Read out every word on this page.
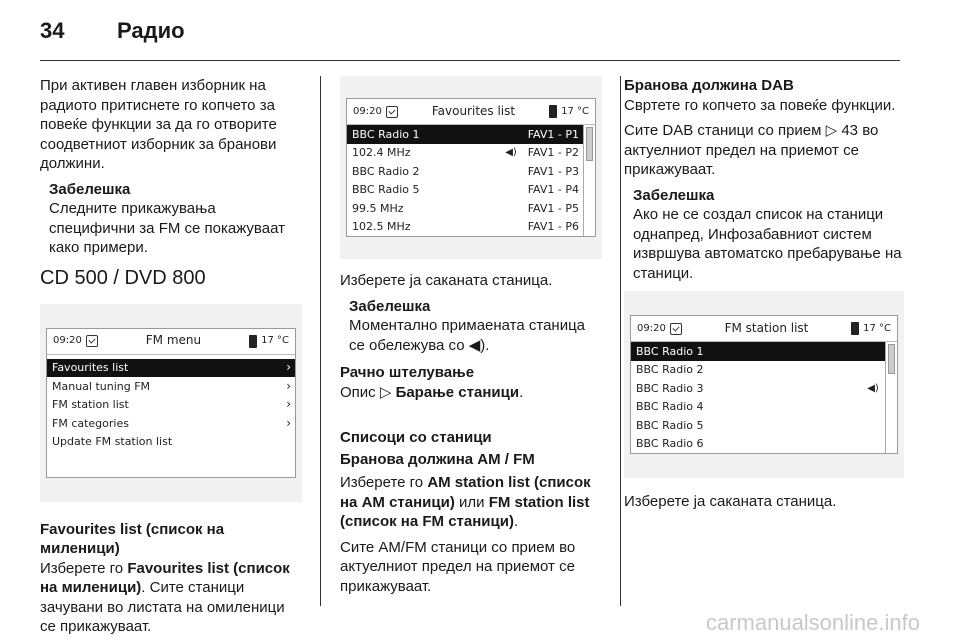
34 Радио

При активен главен изборник на радиото притиснете го копчето за повеќе функции за да го отворите соодветниот изборник за бранови должини.

Забелешка
Следните прикажувања специфични за FM се покажуваат како примери.
CD 500 / DVD 800
09:20	FM menu	17 °C
Favourites list	›
Manual tuning FM	›
FM station list	›
FM categories	›
Update FM station list
Favourites list (список на миленици)

Изберете го Favourites list (список на миленици). Сите станици зачувани во листата на омиленици се прикажуваат.

09:20	Favourites list	17 °C
BBC Radio 1	FAV1 - P1
102.4 MHz	◀) FAV1 - P2
BBC Radio 2	FAV1 - P3
BBC Radio 5	FAV1 - P4
99.5 MHz	FAV1 - P5
102.5 MHz	FAV1 - P6

Изберете ја саканата станица.

Забелешка
Моментално примаената станица се обележува со ◀).
Рачно штелување

Опис ▷ Барање станици.

Списоци со станици
Бранова должина AM / FM

Изберете го AM station list (список на AM станици) или FM station list (список на FM станици).

Сите AM/FM станици со прием во актуелниот предел на приемот се прикажуваат.

Бранова должина DAB

Свртете го копчето за повеќе функции.

Сите DAB станици со прием ▷ 43 во актуелниот предел на приемот се прикажуваат.

Забелешка
Ако не се создал список на станици однапред, Инфозабавниот систем извршува автоматско пребарување на станици.
09:20	FM station list	17 °C
BBC Radio 1
BBC Radio 2
BBC Radio 3	◀)
BBC Radio 4
BBC Radio 5
BBC Radio 6

Изберете ја саканата станица.

carmanualsonline.info
